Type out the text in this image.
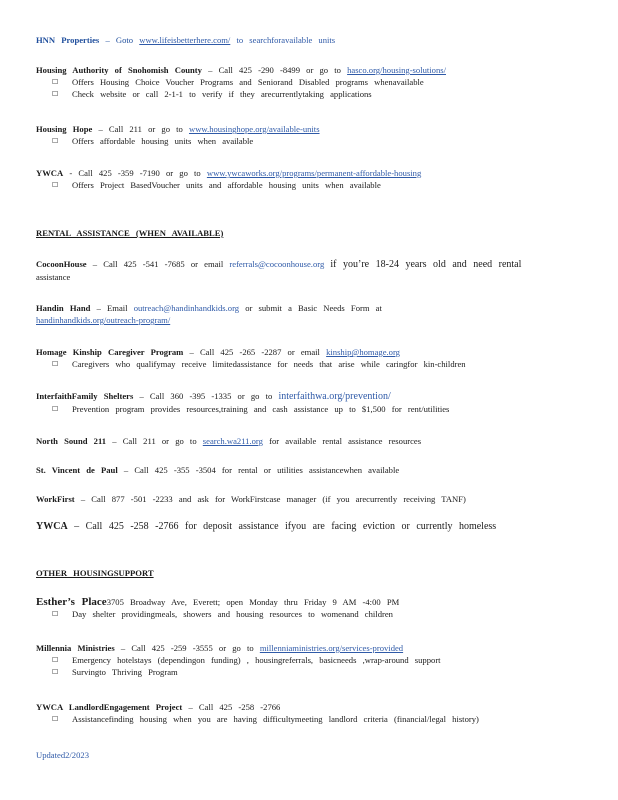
HNN Properties – Goto www.lifeisbetterhere.com/ to searchforavailable units
Housing Authority of Snohomish County – Call 425 -290 -8499 or go to hasco.org/housing-solutions/
☐	Offers Housing Choice Voucher Programs and Seniorand Disabled programs whenavailable
☐	Check website or call 2-1-1 to verify if they arecurrentlytaking applications
Housing Hope – Call 211 or go to www.housinghope.org/available-units
☐	Offers affordable housing units when available
YWCA - Call 425 -359 -7190 or go to www.ywcaworks.org/programs/permanent-affordable-housing
☐	Offers Project BasedVoucher units and affordable housing units when available
RENTAL ASSISTANCE (WHEN AVAILABLE)
CocoonHouse – Call 425 -541 -7685 or email referrals@cocoonhouse.org if you’re 18-24 years old and need rental
assistance
Handin Hand – Email outreach@handinhandkids.org or submit a Basic Needs Form at
handinhandkids.org/outreach-program/
Homage Kinship Caregiver Program – Call 425 -265 -2287 or email kinship@homage.org
☐	Caregivers who qualifymay receive limitedassistance for needs that arise while caringfor kin-children
InterfaithFamily Shelters – Call 360 -395 -1335 or go to interfaithwa.org/prevention/
☐	Prevention program provides resources,training and cash assistance up to $1,500 for rent/utilities
North Sound 211 – Call 211 or go to search.wa211.org for available rental assistance resources
St. Vincent de Paul – Call 425 -355 -3504 for rental or utilities assistancewhen available
WorkFirst – Call 877 -501 -2233 and ask for WorkFirstcase manager (if you arecurrently receiving TANF)
YWCA – Call 425 -258 -2766 for deposit assistance ifyou are facing eviction or currently homeless
OTHER HOUSINGSUPPORT
Esther’s Place3705 Broadway Ave, Everett; open Monday thru Friday 9 AM -4:00 PM
☐	Day shelter providingmeals, showers and housing resources to womenand children
Millennia Ministries – Call 425 -259 -3555 or go to millenniaministries.org/services-provided
☐	Emergency hotelstays (dependingon funding) , housingreferrals, basicneeds ,wrap-around support
☐	Survingto Thriving Program
YWCA LandlordEngagement Project – Call 425 -258 -2766
☐	Assistancefinding housing when you are having difficultymeeting landlord criteria (financial/legal history)
Updated2/2023
